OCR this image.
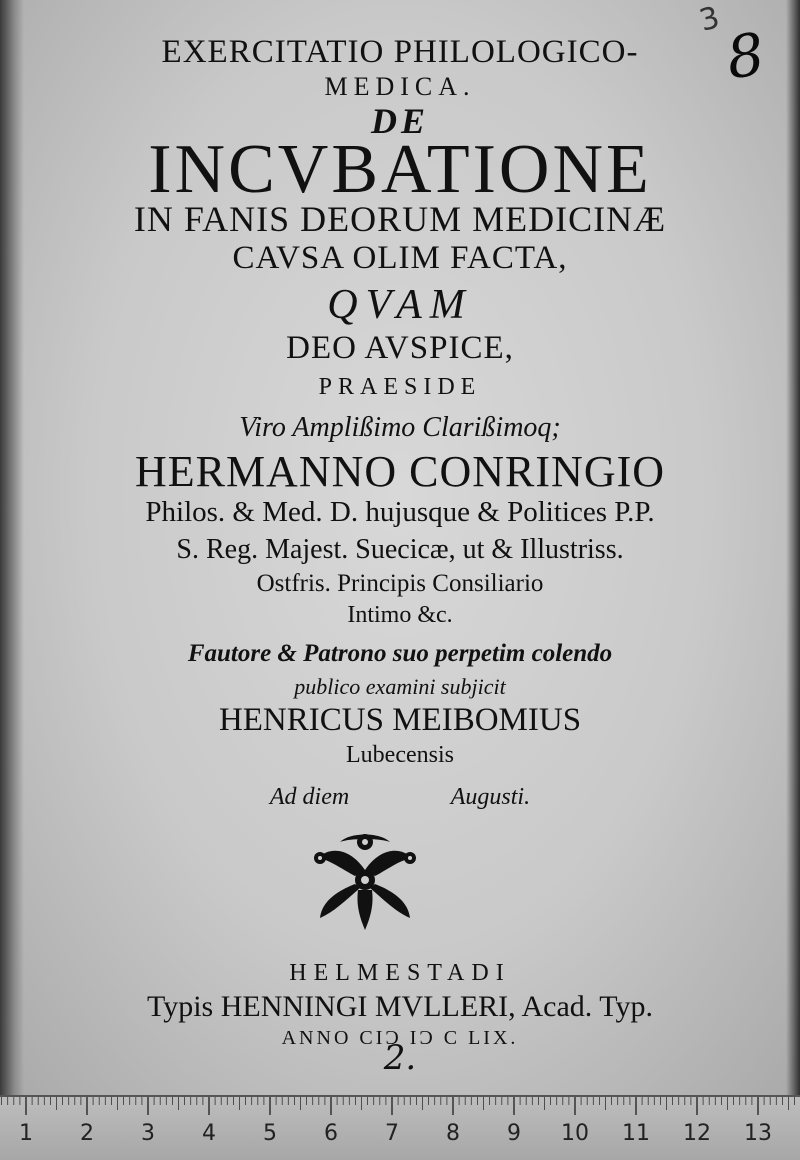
3
8
EXERCITATIO PHILOLOGICO-
MEDICA.
DE
INCVBATIONE
IN FANIS DEORUM MEDICINÆ
CAVSA OLIM FACTA,
QVAM
DEO AVSPICE,
PRAESIDE
Viro Amplißimo Clarißimoq;
HERMANNO CONRINGIO
Philos. & Med. D. hujusque & Politices P.P.
S. Reg. Majest. Suecicæ, ut & Illustriss.
Ostfris. Principis Consiliario
Intimo &c.
Fautore & Patrono suo perpetim colendo
publico examini subjicit
HENRICUS MEIBOMIUS
Lubecensis
Ad diem	Augusti.
HELMESTADI
Typis HENNINGI MVLLERI, Acad. Typ.
ANNO CIƆ IƆ C LIX.
2.
1 2 3 4 5 6 7 8 9 10 11 12 13
